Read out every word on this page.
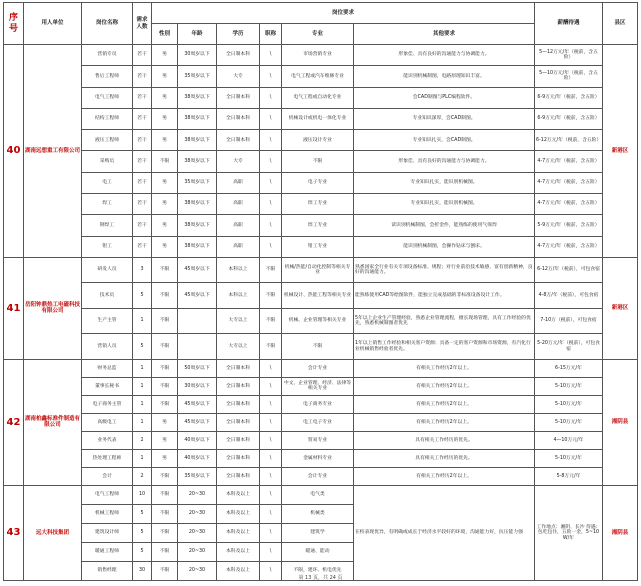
序号	用人单位	岗位名称	需求人数	岗位要求						薪酬待遇	县区
				性别	年龄	学历	职称	专业	其他要求		
40	湖南远想重工有限公司	营销专员	若干	男	30周岁以下	全日制本科	\	市场营销专业	形象佳、具有良好的沟通能力与协调能力。	5—12万元/年（税前，含五险）	新港区
		售后工程师	若干	男	35周岁以下	大专	\	电气工程或汽车维修专业	能识别机械制图，电路原理知识丰富。	5—10万元/年（税前，含五险）	
		电气工程师	若干	男	38周岁以下	全日制本科	\	电气工程或自动化专业	会CAD制图与PLC编程软件。	6-9万元/年（税前，含五险）	
		结构工程师	若干	男	38周岁以下	全日制本科	\	机械设计或机电一体化专业	专业知识深厚，会CAD制图。	6-9万元/年（税前，含五险）	
		液压工程师	若干	男	38周岁以下	全日制本科	\	液压设计专业	专业知识扎实，会CAD制图。	6-12万元/年（税前，含五险）	
		采购员	若干	不限	38周岁以下	大专	\	不限	形象佳、具有良好的沟通能力与协调能力。	4-7万元/年（税前，含五险）	
		电工	若干	男	35周岁以下	高职	\	电子专业	专业知识扎实，能识别机械图。	4-7万元/年（税前，含五险）	
		焊工	若干	男	38周岁以下	高职	\	焊工专业	专业知识扎实，能识别机械图。	4-7万元/年（税前，含五险）	
		钢焊工	若干	男	38周岁以下	高职	\	焊工专业	读识别机械制图，会折金件，能熟练的使用气保焊	5-9万元/年（税前，含五险）	
		钳工	若干	男	38周岁以下	高职	\	钳工专业	能识别机械制图，会操作钻床与刨床。	4-7万元/年（税前，含五险）	
41	岳阳钟鼎热工电磁科技有限公司	研发人员	3	不限	45周岁以下	本科以上	不限	机械/热能/自动化控制等相关专业	熟悉国家全行业有关专项设备标准、规程；对行业前沿技术敏感，富有创新精神，良好的沟通能力。	6-12万/年（税前），可包食宿	新港区
		技术员	5	不限	45周岁以下	本科以上	不限	机械设计、热能工程等相关专业	能熟练使用CAD等绘图软件，能独立完成基础的非标准设备设计工作。	4-8万/年（税前），可包食宿	
		生产主管	1	不限		大专以上	不限	机械、企业管理等相关专业	5年以上企业生产管理经验，熟悉企业管理流程，擅长现场管理，具有工作经验的优先，熟悉机械制图者优先	7-10万（税前），可包食宿	
		营销人员	5	不限		大专以上	不限	不限	1年以上销售工作经验和相关客户资源；具备一定的客户资源和市场资源，有汽化行业机械销售经验者优先。	5-20万元/年（税前），可包食宿	
42	湖南柏鑫标准件制造有限公司	财务总监	1	不限	50周岁以下	全日制本科	\	会计专业	有相关工作经历2年以上。	6-15万元/年	湘阴县
		董事长秘书	1	不限	30周岁以下	全日制本科	\	中文、企业管理、经济、法律等相关专业	有相关工作经历2年以上。	5-10万元/年	
		电子商务主管	1	不限	45周岁以下	全日制本科	\	电子商务专业	有相关工作经历2年以上。	5-10万元/年	
		高级电工	1	男	45周岁以下	全日制本科	\	电工电子专业	有相关工作经历2年以上。	5-10万元/年	
		业务代表	2	男	40周岁以下	全日制本科	\	贸易专业	具有相关工作经历的优先。	4—10万元/年	
		热处理工程师	1	男	40周岁以下	全日制本科	\	金属材料专业	具有相关工作经历的优先。	5-10万元/年	
		会计	2	不限	35周岁以下	全日制本科	\	会计专业	有相关工作经历2年以上。	5-8万元/年	
43	远大科技集团	电气工程师	10	不限	20~30	本科及以上	\	电气类	在校表现优异，有明确或成长于经济水平较好的环境，沟通能力好，抗压能力强	工作地点：湘阴、长沙 待遇：包吃包住，五险一金，5~10W/年	湘阴县
		机械工程师	5	不限	20~30	本科及以上	\	机械类			
		建筑设计师	5	不限	20~30	本科及以上	\	建筑学			
		暖通工程师	5	不限	20~30	本科及以上	\	暖通、能动			
		销售经理	30	不限	20~30	本科及以上	\	不限，建环、机电优先			
第 13 页，共 24 页
